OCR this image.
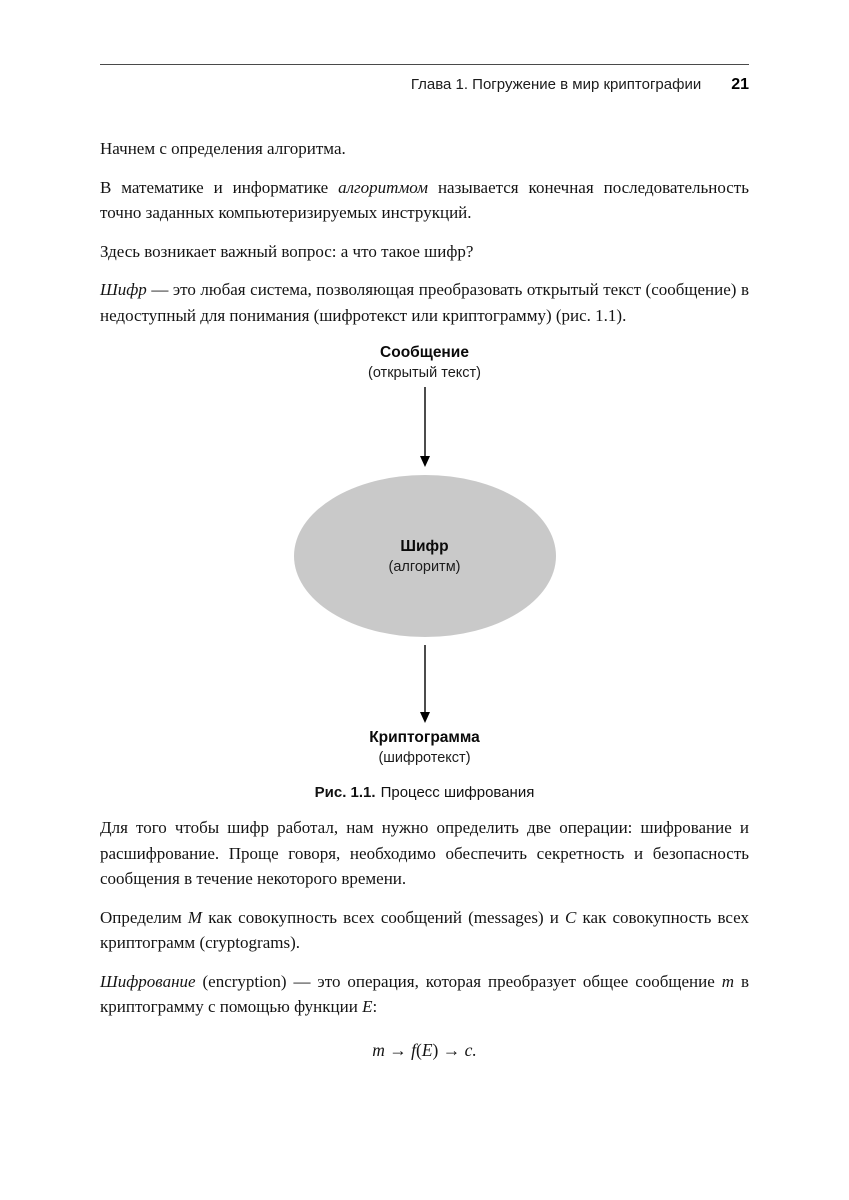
Глава 1. Погружение в мир криптографии 21

Начнем с определения алгоритма.

В математике и информатике алгоритмом называется конечная последовательность точно заданных компьютеризируемых инструкций.

Здесь возникает важный вопрос: а что такое шифр?

Шифр — это любая система, позволяющая преобразовать открытый текст (сообщение) в недоступный для понимания (шифротекст или криптограмму) (рис. 1.1).

Сообщение
(открытый текст)
Шифр
(алгоритм)
Криптограмма
(шифротекст)
Рис. 1.1. Процесс шифрования

Для того чтобы шифр работал, нам нужно определить две операции: шифрование и расшифрование. Проще говоря, необходимо обеспечить секретность и безопасность сообщения в течение некоторого времени.

Определим M как совокупность всех сообщений (messages) и C как совокупность всех криптограмм (cryptograms).

Шифрование (encryption) — это операция, которая преобразует общее сообщение m в криптограмму с помощью функции E:

m → f(E) → c.
